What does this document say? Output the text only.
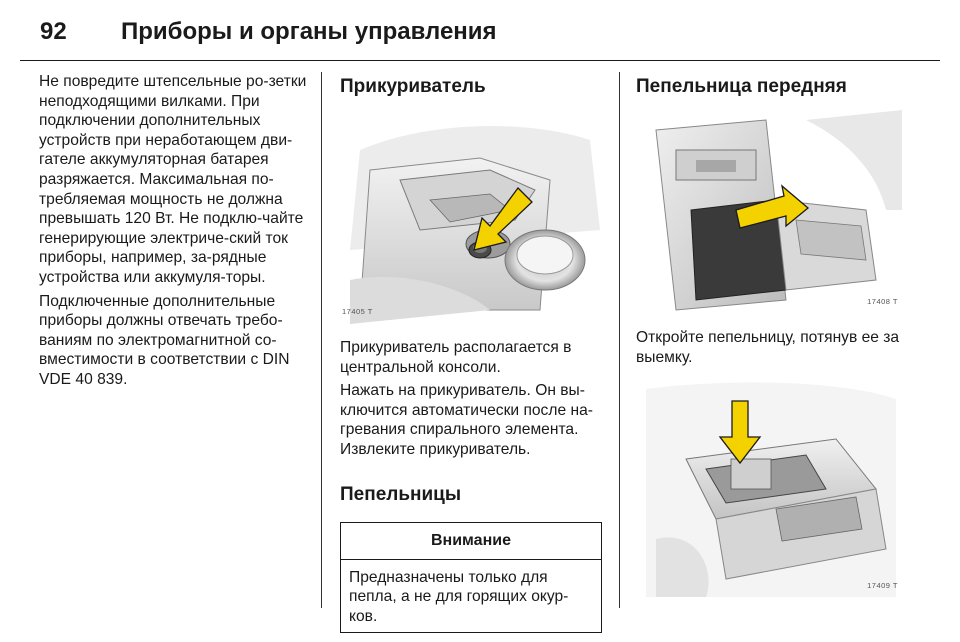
92 Приборы и органы управления

Не повредите штепсельные ро-зетки неподходящими вилками. При подключении дополнительных устройств при неработающем дви-гателе аккумуляторная батарея разряжается. Максимальная по-требляемая мощность не должна превышать 120 Вт. Не подклю-чайте генерирующие электриче-ский ток приборы, например, за-рядные устройства или аккумуля-торы.

Подключенные дополнительные приборы должны отвечать требо-ваниям по электромагнитной со-вместимости в соответствии с DIN VDE 40 839.

Прикуриватель
17405 T

Прикуриватель располагается в центральной консоли.

Нажать на прикуриватель. Он вы-ключится автоматически после на-гревания спирального элемента. Извлеките прикуриватель.

Пепельницы
Внимание
Предназначены только для пепла, а не для горящих окур-ков.
Пепельница передняя
17408 T

Откройте пепельницу, потянув ее за выемку.

17409 T
